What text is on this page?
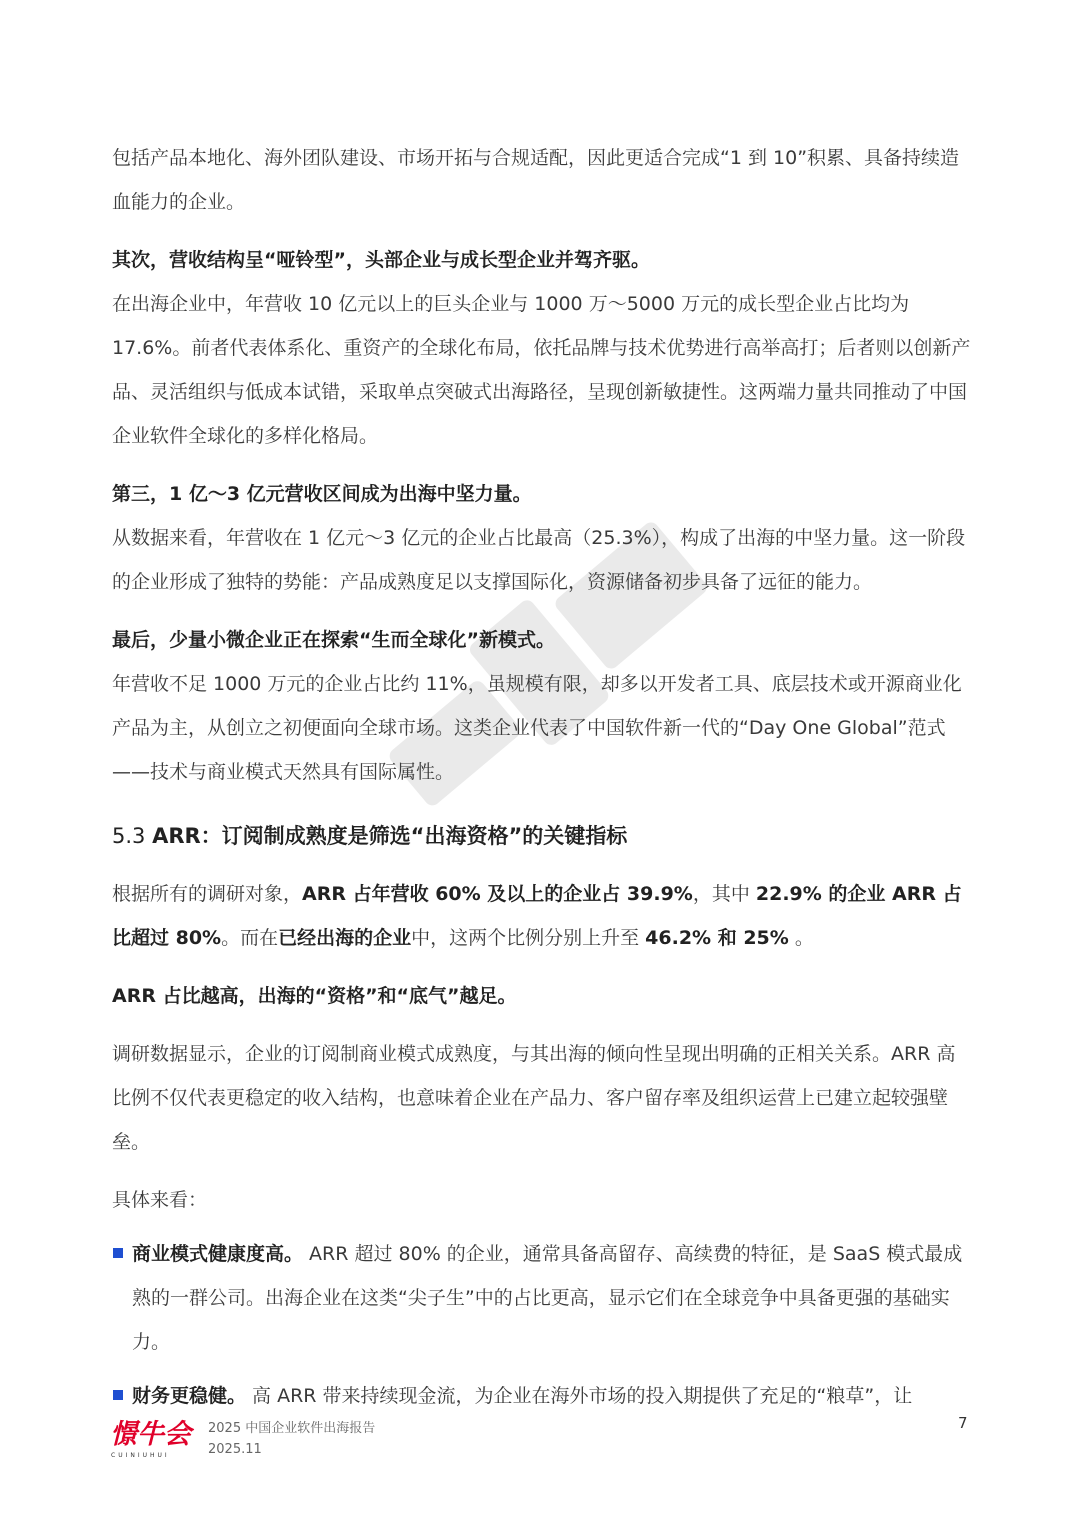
包括产品本地化、海外团队建设、市场开拓与合规适配，因此更适合完成“1 到 10”积累、具备持续造血能力的企业。

其次，营收结构呈“哑铃型”，头部企业与成长型企业并驾齐驱。

在出海企业中，年营收 10 亿元以上的巨头企业与 1000 万～5000 万元的成长型企业占比均为 17.6%。前者代表体系化、重资产的全球化布局，依托品牌与技术优势进行高举高打；后者则以创新产品、灵活组织与低成本试错，采取单点突破式出海路径，呈现创新敏捷性。这两端力量共同推动了中国企业软件全球化的多样化格局。

第三，1 亿～3 亿元营收区间成为出海中坚力量。

从数据来看，年营收在 1 亿元～3 亿元的企业占比最高（25.3%），构成了出海的中坚力量。这一阶段的企业形成了独特的势能：产品成熟度足以支撑国际化，资源储备初步具备了远征的能力。

最后，少量小微企业正在探索“生而全球化”新模式。

年营收不足 1000 万元的企业占比约 11%，虽规模有限，却多以开发者工具、底层技术或开源商业化产品为主，从创立之初便面向全球市场。这类企业代表了中国软件新一代的“Day One Global”范式——技术与商业模式天然具有国际属性。

5.3 ARR：订阅制成熟度是筛选“出海资格”的关键指标

根据所有的调研对象，ARR 占年营收 60% 及以上的企业占 39.9%，其中 22.9% 的企业 ARR 占比超过 80%。而在已经出海的企业中，这两个比例分别上升至 46.2% 和 25% 。

ARR 占比越高，出海的“资格”和“底气”越足。

调研数据显示，企业的订阅制商业模式成熟度，与其出海的倾向性呈现出明确的正相关关系。ARR 高比例不仅代表更稳定的收入结构，也意味着企业在产品力、客户留存率及组织运营上已建立起较强壁垒。

具体来看：

商业模式健康度高。 ARR 超过 80% 的企业，通常具备高留存、高续费的特征，是 SaaS 模式最成熟的一群公司。出海企业在这类“尖子生”中的占比更高，显示它们在全球竞争中具备更强的基础实力。

财务更稳健。 高 ARR 带来持续现金流，为企业在海外市场的投入期提供了充足的“粮草”，让

憬牛会
CUINIUHUI
2025 中国企业软件出海报告
2025.11
7
